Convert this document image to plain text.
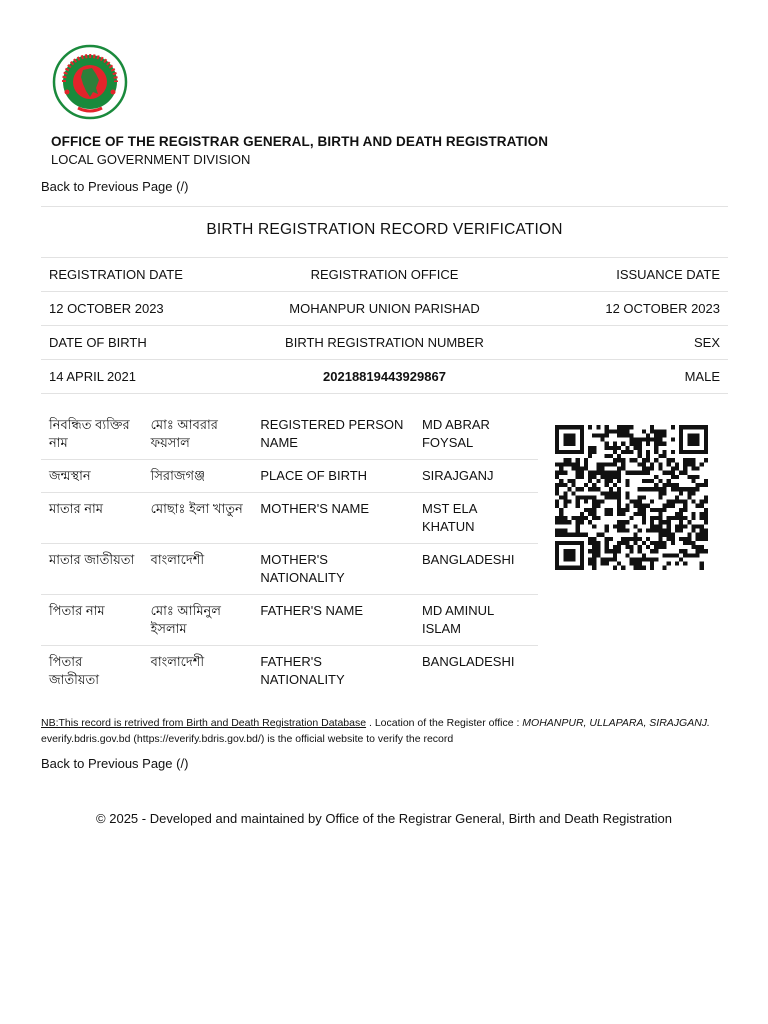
OFFICE OF THE REGISTRAR GENERAL, BIRTH AND DEATH REGISTRATION
LOCAL GOVERNMENT DIVISION
Back to Previous Page (/)
BIRTH REGISTRATION RECORD VERIFICATION
REGISTRATION DATE	REGISTRATION OFFICE	ISSUANCE DATE
12 OCTOBER 2023	MOHANPUR UNION PARISHAD	12 OCTOBER 2023
DATE OF BIRTH	BIRTH REGISTRATION NUMBER	SEX
14 APRIL 2021	20218819443929867	MALE
নিবন্ধিত ব্যক্তির নাম	মোঃ আবরার ফয়সাল	REGISTERED PERSON NAME	MD ABRAR FOYSAL
জন্মস্থান	সিরাজগঞ্জ	PLACE OF BIRTH	SIRAJGANJ
মাতার নাম	মোছাঃ ইলা খাতুন	MOTHER'S NAME	MST ELA KHATUN
মাতার জাতীয়তা	বাংলাদেশী	MOTHER'S NATIONALITY	BANGLADESHI
পিতার নাম	মোঃ আমিনুল ইসলাম	FATHER'S NAME	MD AMINUL ISLAM
পিতার জাতীয়তা	বাংলাদেশী	FATHER'S NATIONALITY	BANGLADESHI
NB:This record is retrived from Birth and Death Registration Database . Location of the Register office : MOHANPUR, ULLAPARA, SIRAJGANJ. everify.bdris.gov.bd (https://everify.bdris.gov.bd/) is the official website to verify the record
Back to Previous Page (/)
© 2025 - Developed and maintained by Office of the Registrar General, Birth and Death Registration
